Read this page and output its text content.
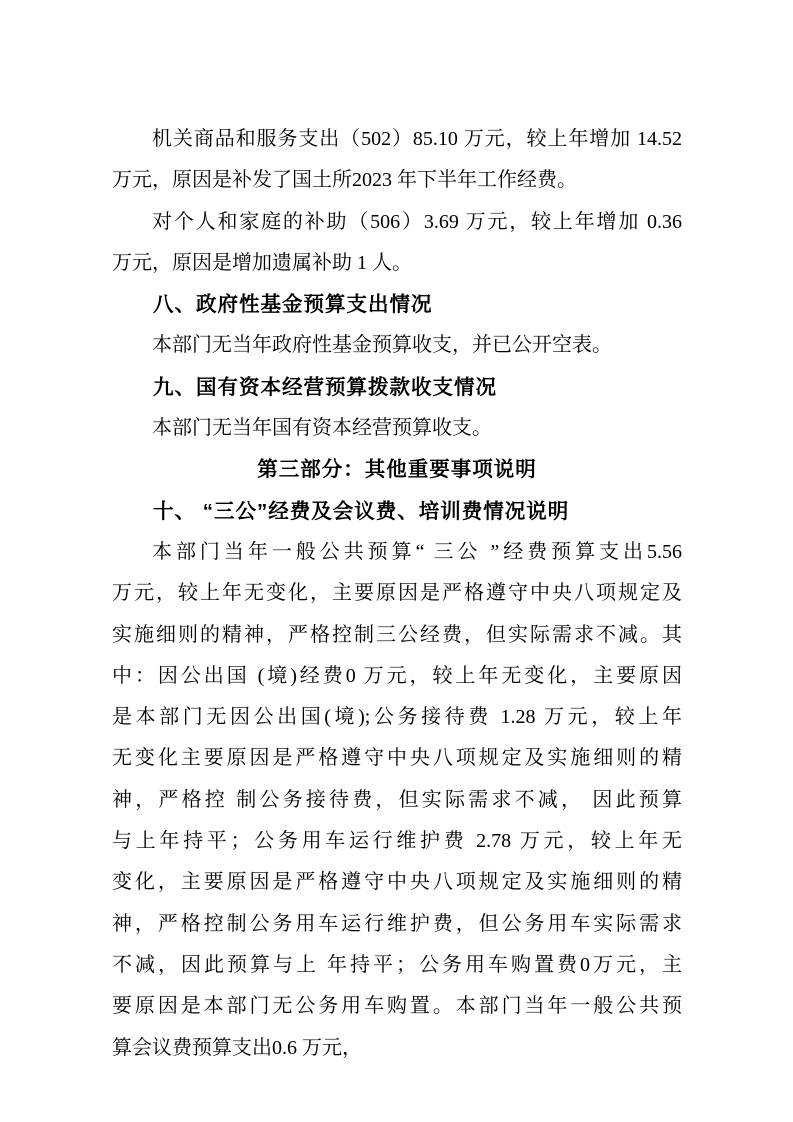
机关商品和服务支出（502）85.10 万元，较上年增加 14.52
万元，原因是补发了国土所2023 年下半年工作经费。
对个人和家庭的补助（506）3.69 万元，较上年增加 0.36
万元，原因是增加遗属补助 1 人。
八、政府性基金预算支出情况
本部门无当年政府性基金预算收支，并已公开空表。
九、国有资本经营预算拨款收支情况
本部门无当年国有资本经营预算收支。
第三部分：其他重要事项说明
十、 “三公”经费及会议费、培训费情况说明
本部门当年一般公共预算“ 三公 ”经费预算支出5.56
万元，较上年无变化，主要原因是严格遵守中央八项规定及
实施细则的精神，严格控制三公经费，但实际需求不减。其
中：因公出国 (境)经费0 万元，较上年无变化，主要原因
是本部门无因公出国(境);公务接待费 1.28 万元，较上年
无变化主要原因是严格遵守中央八项规定及实施细则的精
神，严格控 制公务接待费，但实际需求不减， 因此预算
与上年持平；公务用车运行维护费 2.78 万元，较上年无
变化，主要原因是严格遵守中央八项规定及实施细则的精
神，严格控制公务用车运行维护费，但公务用车实际需求
不减，因此预算与上 年持平；公务用车购置费0万元，主
要原因是本部门无公务用车购置。本部门当年一般公共预
算会议费预算支出0.6 万元，
